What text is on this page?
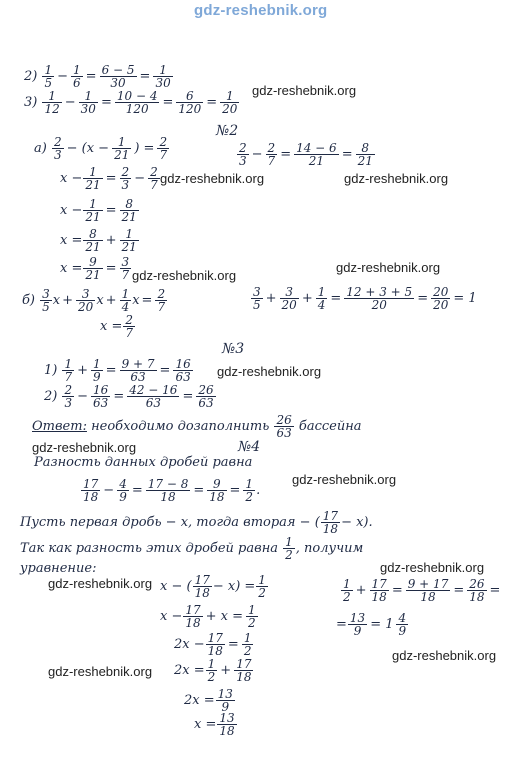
gdz-reshebnik.org
gdz-reshebnik.org
gdz-reshebnik.org	gdz-reshebnik.org
gdz-reshebnik.org
gdz-reshebnik.org
gdz-reshebnik.org
gdz-reshebnik.org
gdz-reshebnik.org
gdz-reshebnik.org
gdz-reshebnik.org
gdz-reshebnik.org
gdz-reshebnik.org
$2) \frac{1}{5} - \frac{1}{6} = \frac{6 - 5}{30} = \frac{1}{30}$
$3) \frac{1}{12} - \frac{1}{30} = \frac{10 - 4}{120} = \frac{6}{120} = \frac{1}{20}$
№2
$a) \frac{2}{3} - (x - \frac{1}{21}$ ) = $\frac{2}{7}$	$\frac{2}{3} - \frac{2}{7} = \frac{14 - 6}{21} = \frac{8}{21}$
$x - \frac{1}{21} = \frac{2}{3} - \frac{2}{7}$
$x - \frac{1}{21} = \frac{8}{21}$
$x = \frac{8}{21} + \frac{1}{21}$
$x = \frac{9}{21} = \frac{3}{7}$
$б) \frac{3}{5}$ $x + \frac{3}{20}$ $x + \frac{1}{4}$ $x = \frac{2}{7}$	$\frac{3}{5} + \frac{3}{20} + \frac{1}{4} = \frac{12 + 3 + 5}{20} = \frac{20}{20} = 1$
$x = \frac{2}{7}$
№3
$1) \frac{1}{7} + \frac{1}{9} = \frac{9 + 7}{63} = \frac{16}{63}$
$2) \frac{2}{3} - \frac{16}{63} = \frac{42 - 16}{63} = \frac{26}{63}$
Ответ: необходимо дозаполнить $\frac{26}{63}$ бассейна
№4
Разность данных дробей равна
$\frac{17}{18} - \frac{4}{9} = \frac{17 - 8}{18} = \frac{9}{18} = \frac{1}{2}$ .
Пусть первая дробь − x, тогда вторая − ( $\frac{17}{18} - x$).
Так как разность этих дробей равна $\frac{1}{2}$ , получим
уравнение:
x − ( $\frac{17}{18} - x) = \frac{1}{2}$	$\frac{1}{2} + \frac{17}{18} = \frac{9 + 17}{18} = \frac{26}{18}$ =
$x - \frac{17}{18} + x = \frac{1}{2}$	= $\frac{13}{9} = 1 \frac{4}{9}$
$2x - \frac{17}{18} = \frac{1}{2}$
$2x = \frac{1}{2} + \frac{17}{18}$
$2x = \frac{13}{9}$
$x = \frac{13}{18}$
